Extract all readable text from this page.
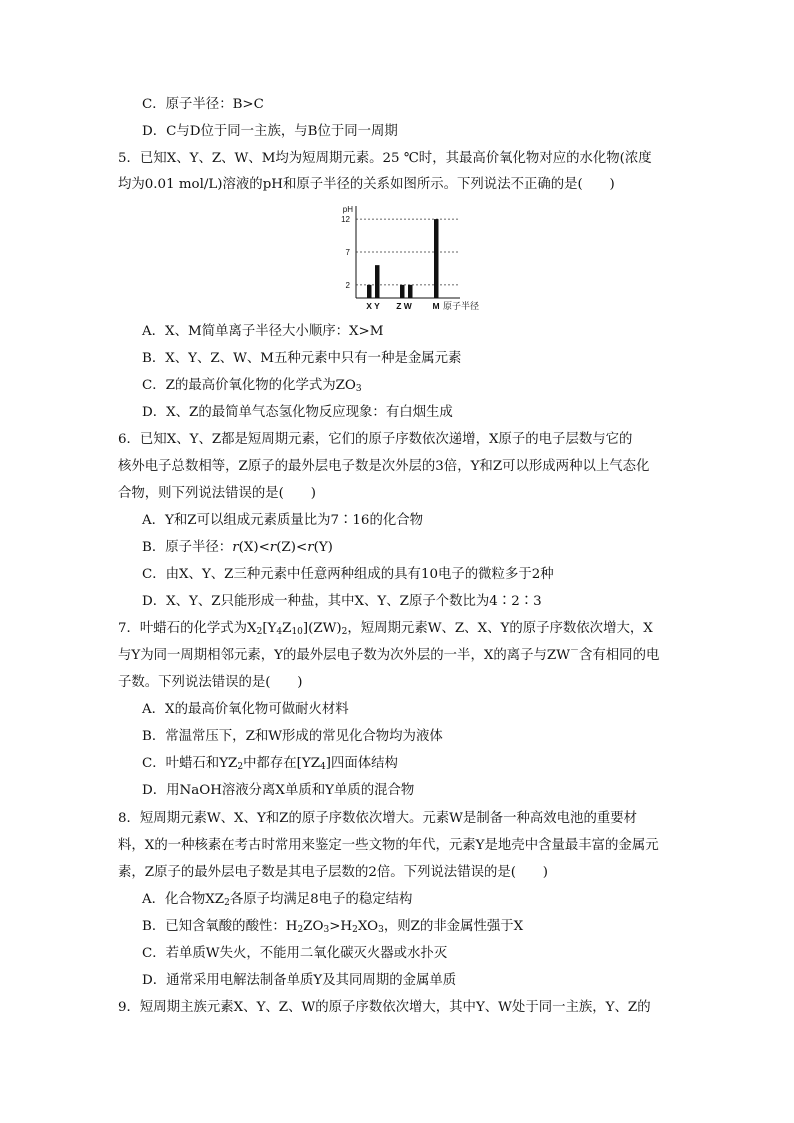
C．原子半径：B>C
D．C与D位于同一主族，与B位于同一周期
5．已知X、Y、Z、W、M均为短周期元素。25 ℃时，其最高价氧化物对应的水化物(浓度
均为0.01 mol/L)溶液的pH和原子半径的关系如图所示。下列说法不正确的是(　　)
pH
2
7
12
X Y Z W M 原子半径
A．X、M简单离子半径大小顺序：X>M
B．X、Y、Z、W、M五种元素中只有一种是金属元素
C．Z的最高价氧化物的化学式为$ZO_3$
D．X、Z的最简单气态氢化物反应现象：有白烟生成
6．已知X、Y、Z都是短周期元素，它们的原子序数依次递增，X原子的电子层数与它的
核外电子总数相等，Z原子的最外层电子数是次外层的3倍，Y和Z可以形成两种以上气态化
合物，则下列说法错误的是(　　)
A．Y和Z可以组成元素质量比为7∶16的化合物
B．原子半径：r(X)<r(Z)<r(Y)
C．由X、Y、Z三种元素中任意两种组成的具有10电子的微粒多于2种
D．X、Y、Z只能形成一种盐，其中X、Y、Z原子个数比为4∶2∶3
7．叶蜡石的化学式为$X_2[Y_4Z_{10}](ZW)_2$，短周期元素W、Z、X、Y的原子序数依次增大，X
与Y为同一周期相邻元素，Y的最外层电子数为次外层的一半，X的离子与ZW－含有相同的电
子数。下列说法错误的是(　　)
A．X的最高价氧化物可做耐火材料
B．常温常压下，Z和W形成的常见化合物均为液体
C．叶蜡石和$YZ_2$中都存在$[YZ_4]$四面体结构
D．用NaOH溶液分离X单质和Y单质的混合物
8．短周期元素W、X、Y和Z的原子序数依次增大。元素W是制备一种高效电池的重要材
料，X的一种核素在考古时常用来鉴定一些文物的年代，元素Y是地壳中含量最丰富的金属元
素，Z原子的最外层电子数是其电子层数的2倍。下列说法错误的是(　　)
A．化合物$XZ_2$各原子均满足8电子的稳定结构
B．已知含氧酸的酸性：$H_2ZO_3>H_2XO_3$，则Z的非金属性强于X
C．若单质W失火，不能用二氧化碳灭火器或水扑灭
D．通常采用电解法制备单质Y及其同周期的金属单质
9．短周期主族元素X、Y、Z、W的原子序数依次增大，其中Y、W处于同一主族，Y、Z的
